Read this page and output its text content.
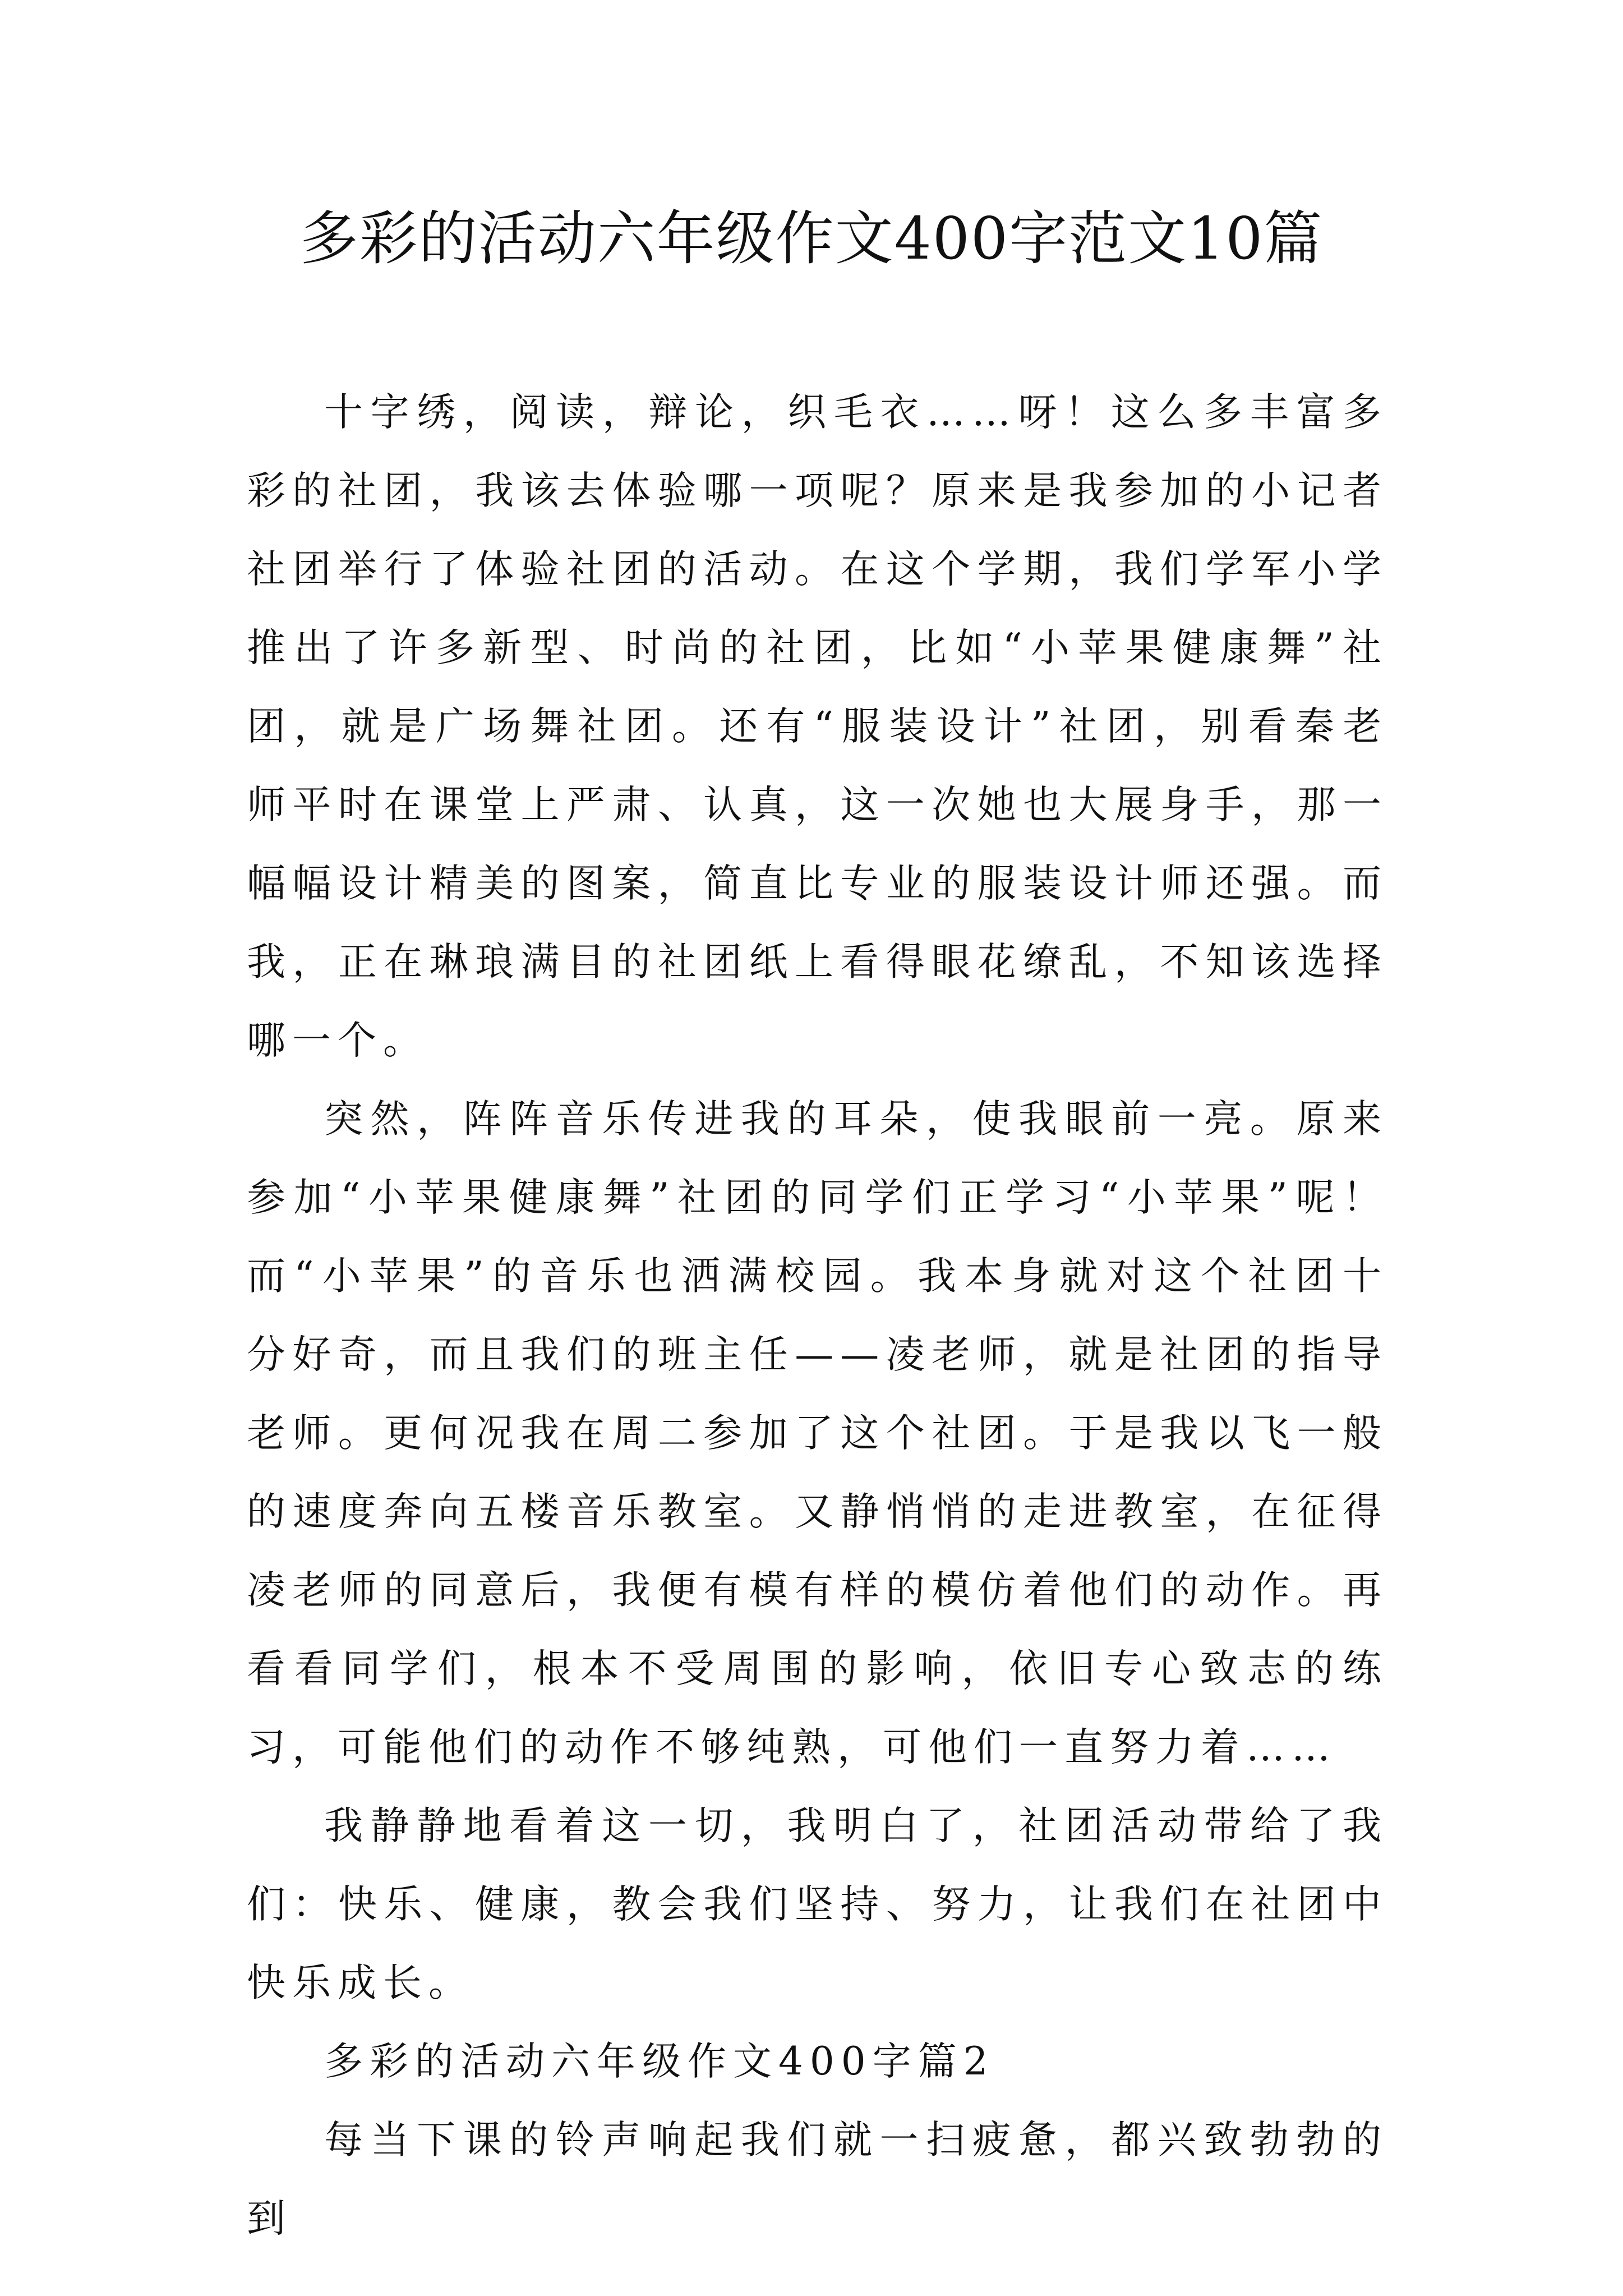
多彩的活动六年级作文400字范文10篇

十字绣，阅读，辩论，织毛衣……呀！这么多丰富多彩的社团，我该去体验哪一项呢？原来是我参加的小记者社团举行了体验社团的活动。在这个学期，我们学军小学推出了许多新型、时尚的社团，比如“小苹果健康舞”社团，就是广场舞社团。还有“服装设计”社团，别看秦老师平时在课堂上严肃、认真，这一次她也大展身手，那一幅幅设计精美的图案，简直比专业的服装设计师还强。而我，正在琳琅满目的社团纸上看得眼花缭乱，不知该选择哪一个。

突然，阵阵音乐传进我的耳朵，使我眼前一亮。原来参加“小苹果健康舞”社团的同学们正学习“小苹果”呢！而“小苹果”的音乐也洒满校园。我本身就对这个社团十分好奇，而且我们的班主任——凌老师，就是社团的指导老师。更何况我在周二参加了这个社团。于是我以飞一般的速度奔向五楼音乐教室。又静悄悄的走进教室，在征得凌老师的同意后，我便有模有样的模仿着他们的动作。再看看同学们，根本不受周围的影响，依旧专心致志的练习，可能他们的动作不够纯熟，可他们一直努力着……

我静静地看着这一切，我明白了，社团活动带给了我们：快乐、健康，教会我们坚持、努力，让我们在社团中快乐成长。

多彩的活动六年级作文400字篇2

每当下课的铃声响起我们就一扫疲惫，都兴致勃勃的到
